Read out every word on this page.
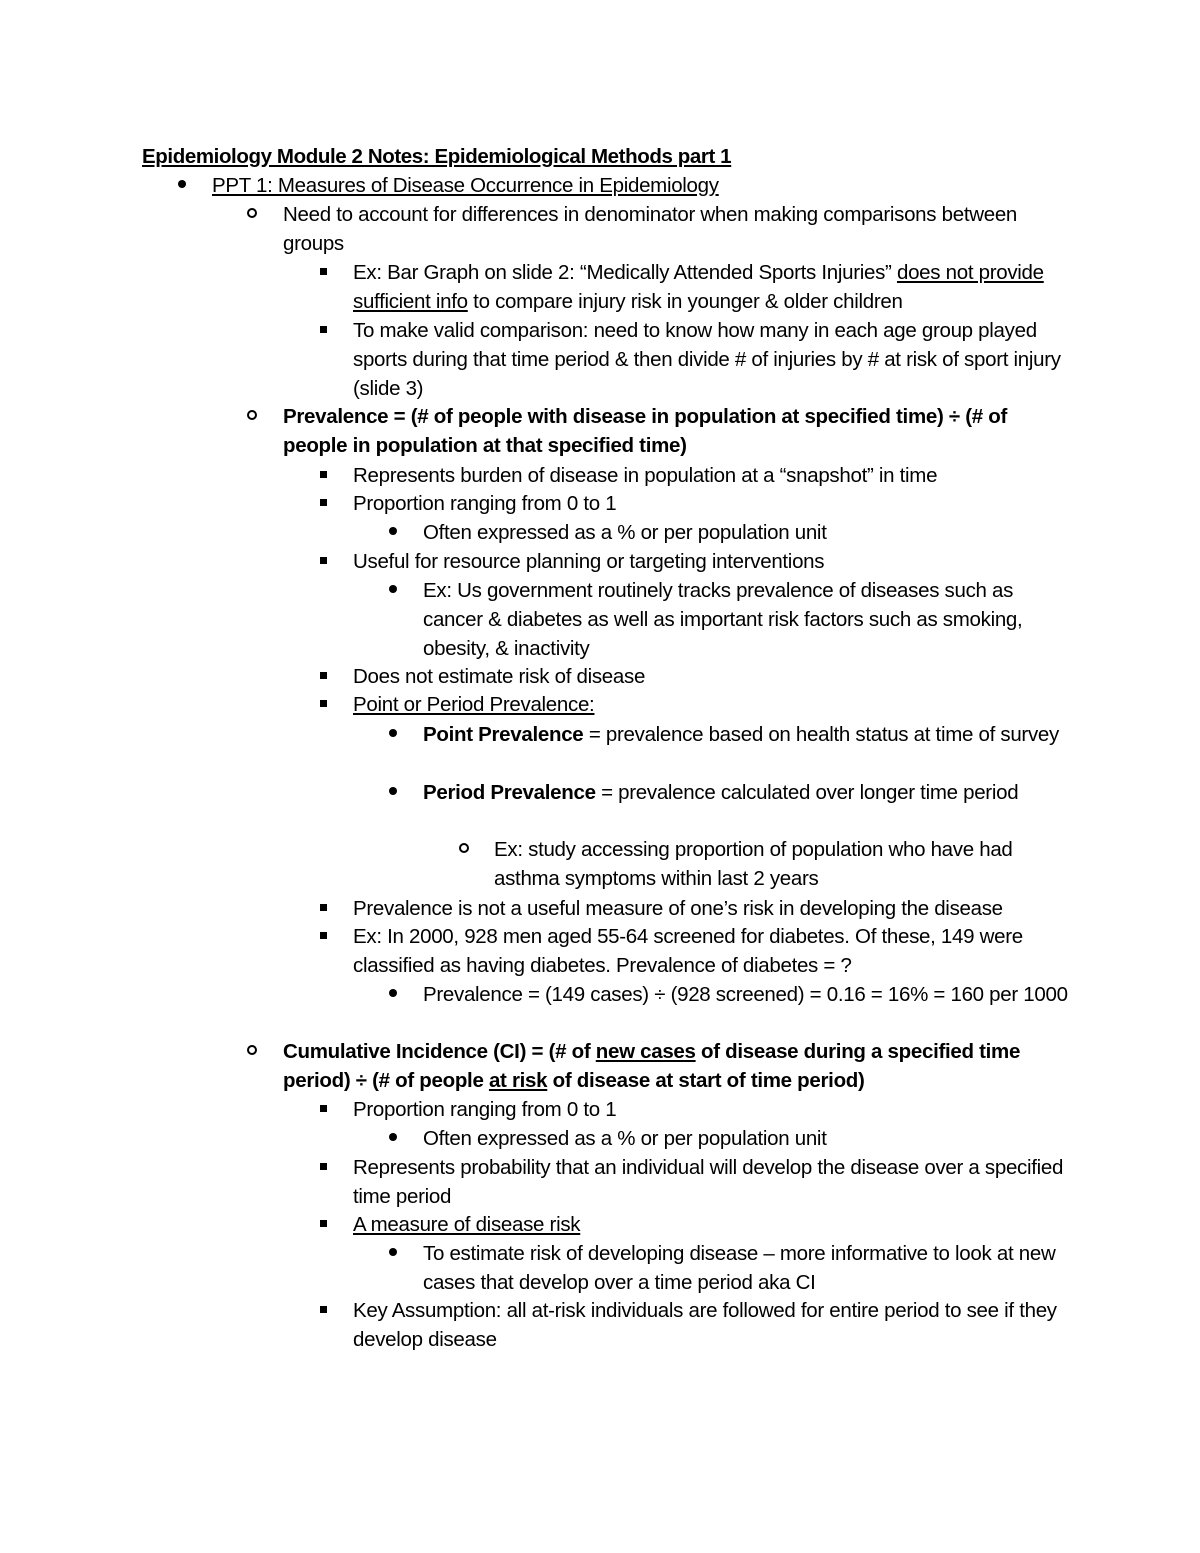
Epidemiology Module 2 Notes: Epidemiological Methods part 1
PPT 1: Measures of Disease Occurrence in Epidemiology
Need to account for differences in denominator when making comparisons between groups
Ex: Bar Graph on slide 2: “Medically Attended Sports Injuries” does not provide sufficient info to compare injury risk in younger & older children
To make valid comparison: need to know how many in each age group played sports during that time period & then divide # of injuries by # at risk of sport injury (slide 3)
Prevalence = (# of people with disease in population at specified time) ÷ (# of people in population at that specified time)
Represents burden of disease in population at a “snapshot” in time
Proportion ranging from 0 to 1
Often expressed as a % or per population unit
Useful for resource planning or targeting interventions
Ex: Us government routinely tracks prevalence of diseases such as cancer & diabetes as well as important risk factors such as smoking, obesity, & inactivity
Does not estimate risk of disease
Point or Period Prevalence:
Point Prevalence = prevalence based on health status at time of survey
Period Prevalence = prevalence calculated over longer time period
Ex: study accessing proportion of population who have had asthma symptoms within last 2 years
Prevalence is not a useful measure of one’s risk in developing the disease
Ex: In 2000, 928 men aged 55-64 screened for diabetes. Of these, 149 were classified as having diabetes. Prevalence of diabetes = ?
Prevalence = (149 cases) ÷ (928 screened) = 0.16 = 16% = 160 per 1000
Cumulative Incidence (CI) = (# of new cases of disease during a specified time period) ÷ (# of people at risk of disease at start of time period)
Proportion ranging from 0 to 1
Often expressed as a % or per population unit
Represents probability that an individual will develop the disease over a specified time period
A measure of disease risk
To estimate risk of developing disease – more informative to look at new cases that develop over a time period aka CI
Key Assumption: all at-risk individuals are followed for entire period to see if they develop disease
